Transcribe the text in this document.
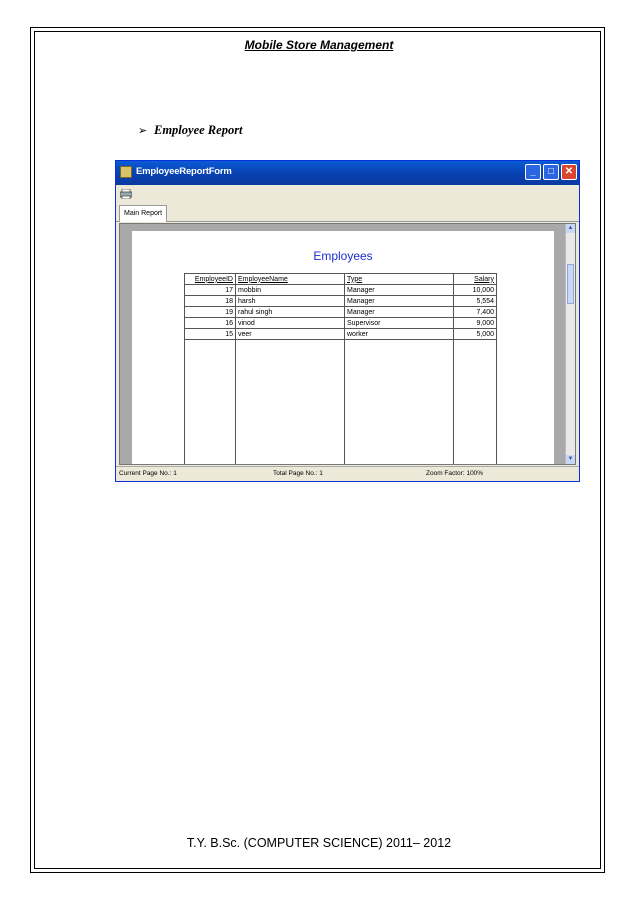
Mobile Store Management
➢ Employee Report
EmployeeReportForm	_	□	✕
Main Report
Employees
EmployeeID	EmployeeName	Type	Salary
17	mobbin	Manager	10,000
18	harsh	Manager	5,554
19	rahul singh	Manager	7,400
16	vinod	Supervisor	9,000
15	veer	worker	5,000

▲
▼
Current Page No.: 1	Total Page No.: 1	Zoom Factor: 100%
T.Y. B.Sc. (COMPUTER SCIENCE) 2011– 2012
